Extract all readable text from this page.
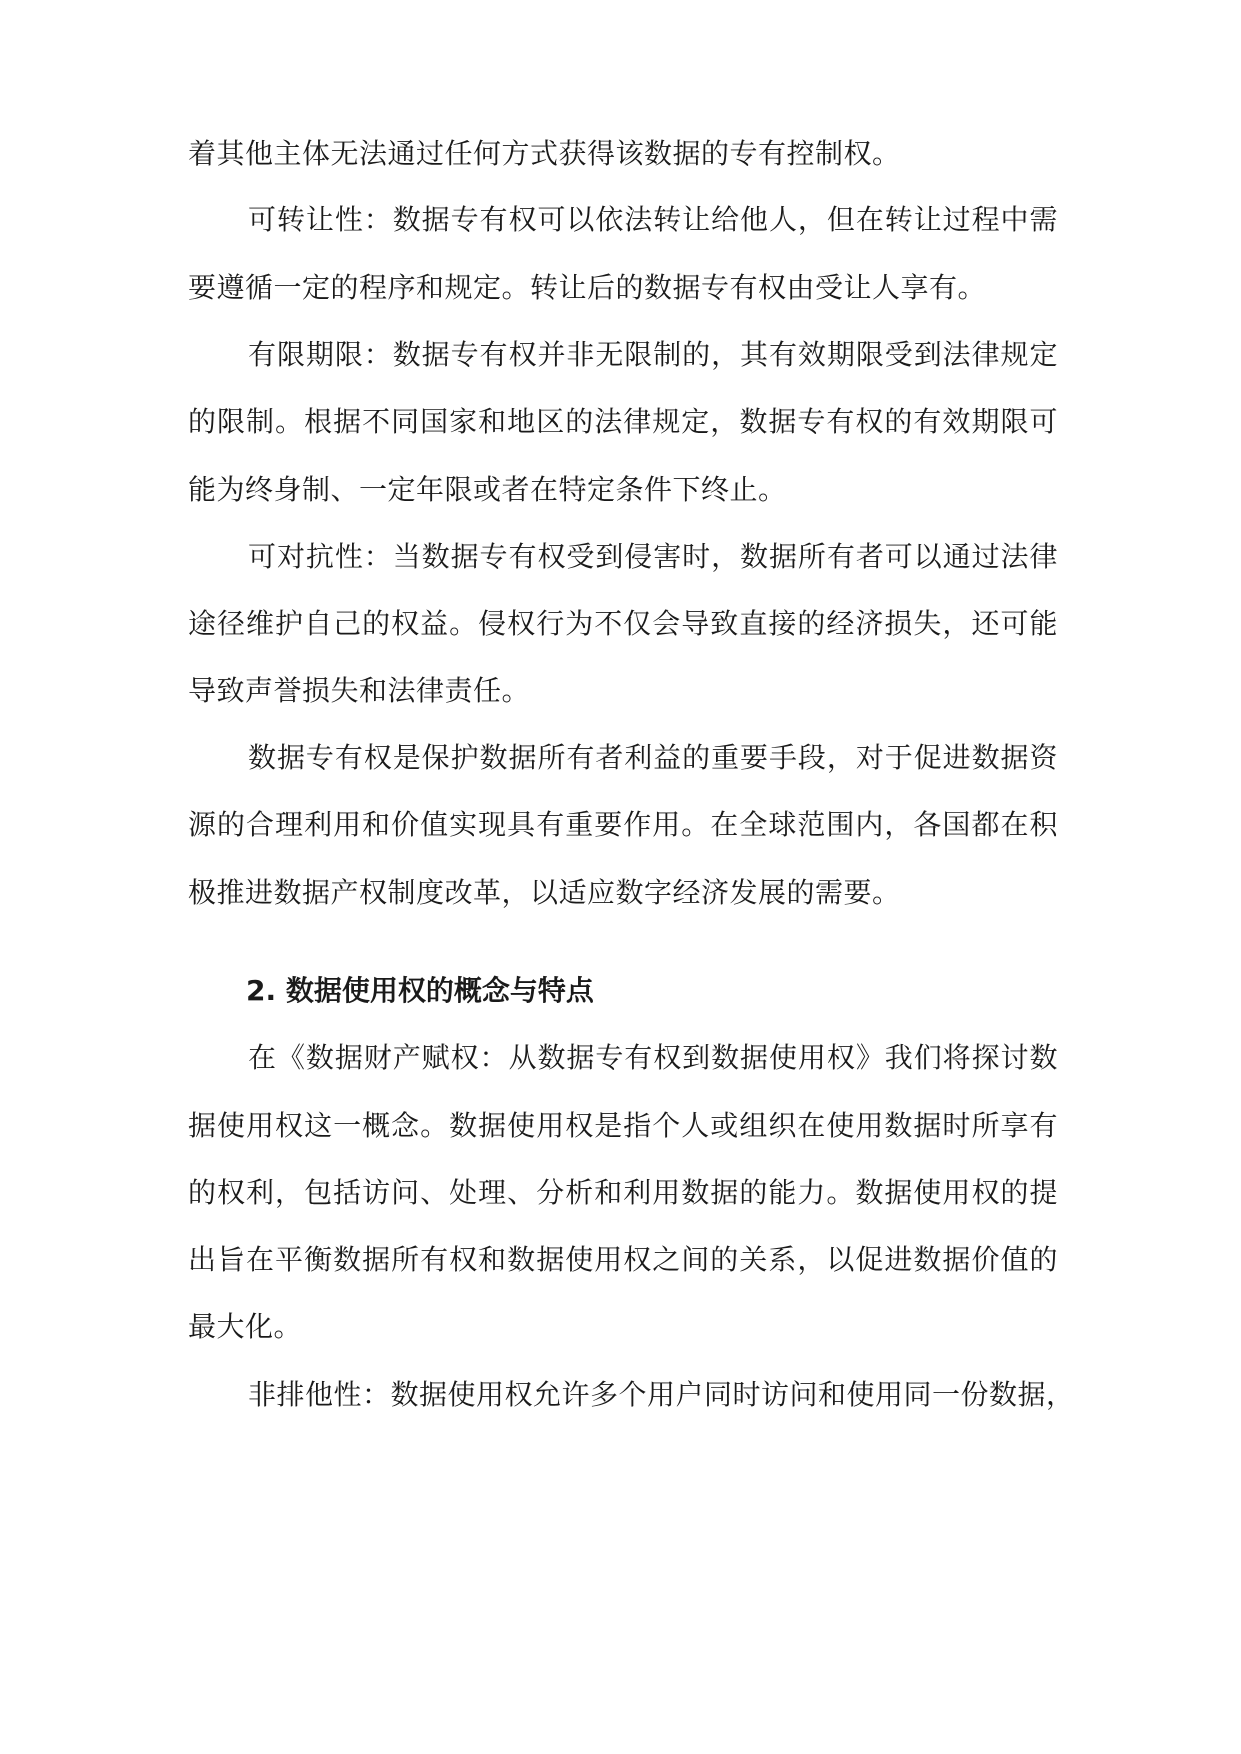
着其他主体无法通过任何方式获得该数据的专有控制权。
可转让性：数据专有权可以依法转让给他人，但在转让过程中需
要遵循一定的程序和规定。转让后的数据专有权由受让人享有。
有限期限：数据专有权并非无限制的，其有效期限受到法律规定
的限制。根据不同国家和地区的法律规定，数据专有权的有效期限可
能为终身制、一定年限或者在特定条件下终止。
可对抗性：当数据专有权受到侵害时，数据所有者可以通过法律
途径维护自己的权益。侵权行为不仅会导致直接的经济损失，还可能
导致声誉损失和法律责任。
数据专有权是保护数据所有者利益的重要手段，对于促进数据资
源的合理利用和价值实现具有重要作用。在全球范围内，各国都在积
极推进数据产权制度改革，以适应数字经济发展的需要。
2. 数据使用权的概念与特点
在《数据财产赋权：从数据专有权到数据使用权》我们将探讨数
据使用权这一概念。数据使用权是指个人或组织在使用数据时所享有
的权利，包括访问、处理、分析和利用数据的能力。数据使用权的提
出旨在平衡数据所有权和数据使用权之间的关系，以促进数据价值的
最大化。
非排他性：数据使用权允许多个用户同时访问和使用同一份数据，
